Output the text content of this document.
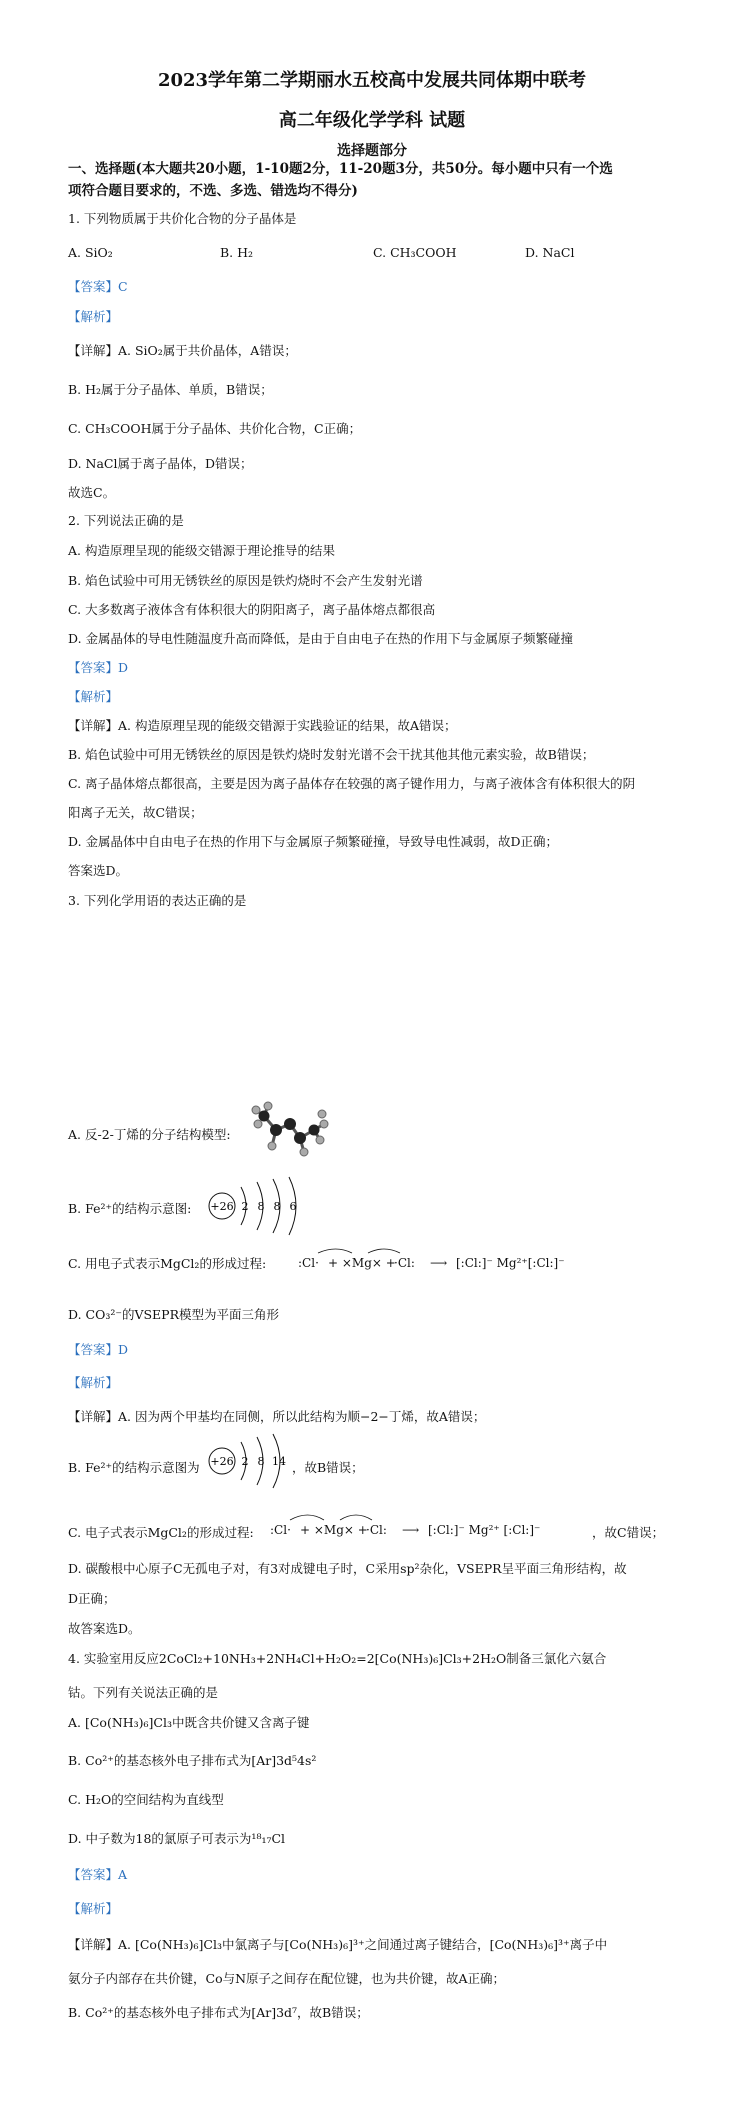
2023学年第二学期丽水五校高中发展共同体期中联考
高二年级化学学科 试题
选择题部分
一、选择题(本大题共20小题，1-10题2分，11-20题3分，共50分。每小题中只有一个选
项符合题目要求的，不选、多选、错选均不得分)
1. 下列物质属于共价化合物的分子晶体是
A. SiO₂	B. H₂	C. CH₃COOH	D. NaCl
【答案】C
【解析】
【详解】A. SiO₂属于共价晶体，A错误；
B. H₂属于分子晶体、单质，B错误；
C. CH₃COOH属于分子晶体、共价化合物，C正确；
D. NaCl属于离子晶体，D错误；
故选C。
2. 下列说法正确的是
A. 构造原理呈现的能级交错源于理论推导的结果
B. 焰色试验中可用无锈铁丝的原因是铁灼烧时不会产生发射光谱
C. 大多数离子液体含有体积很大的阴阳离子，离子晶体熔点都很高
D. 金属晶体的导电性随温度升高而降低，是由于自由电子在热的作用下与金属原子频繁碰撞
【答案】D
【解析】
【详解】A. 构造原理呈现的能级交错源于实践验证的结果，故A错误；
B. 焰色试验中可用无锈铁丝的原因是铁灼烧时发射光谱不会干扰其他其他元素实验，故B错误；
C. 离子晶体熔点都很高，主要是因为离子晶体存在较强的离子键作用力，与离子液体含有体积很大的阴
阳离子无关，故C错误；
D. 金属晶体中自由电子在热的作用下与金属原子频繁碰撞，导致导电性减弱，故D正确；
答案选D。
3. 下列化学用语的表达正确的是
A. 反-2-丁烯的分子结构模型:
B. Fe²⁺的结构示意图: +26 2 8 8 6
C. 用电子式表示MgCl₂的形成过程:	:Cl· + ×Mg× +
·Cl: ⟶ [:Cl:]⁻ Mg²⁺[:Cl:]⁻
D. CO₃²⁻的VSEPR模型为平面三角形
【答案】D
【解析】
【详解】A. 因为两个甲基均在同侧，所以此结构为顺−2−丁烯，故A错误；
B. Fe²⁺的结构示意图为 +26 2 8 14 ，故B错误；
C. 电子式表示MgCl₂的形成过程: :Cl· + ×Mg× +
·Cl: ⟶ [:Cl:]⁻ Mg²⁺ [:Cl:]⁻	，故C错误；
D. 碳酸根中心原子C无孤电子对，有3对成键电子时，C采用sp²杂化，VSEPR呈平面三角形结构，故
D正确；
故答案选D。
4. 实验室用反应2CoCl₂+10NH₃+2NH₄Cl+H₂O₂=2[Co(NH₃)₆]Cl₃+2H₂O制备三氯化六氨合
钴。下列有关说法正确的是
A. [Co(NH₃)₆]Cl₃中既含共价键又含离子键
B. Co²⁺的基态核外电子排布式为[Ar]3d⁵4s²
C. H₂O的空间结构为直线型
D. 中子数为18的氯原子可表示为¹⁸₁₇Cl
【答案】A
【解析】
【详解】A. [Co(NH₃)₆]Cl₃中氯离子与[Co(NH₃)₆]³⁺之间通过离子键结合，[Co(NH₃)₆]³⁺离子中
氨分子内部存在共价键，Co与N原子之间存在配位键，也为共价键，故A正确；
B. Co²⁺的基态核外电子排布式为[Ar]3d⁷，故B错误；
